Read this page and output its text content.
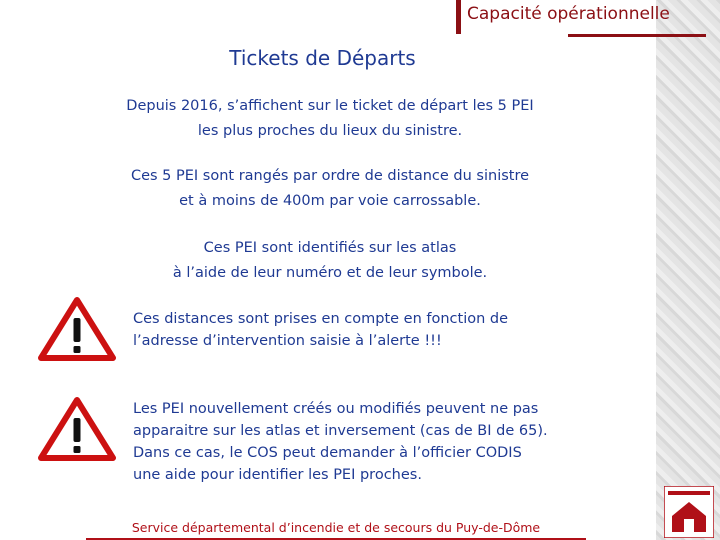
Capacité opérationnelle
Tickets de Départs
Depuis 2016, s’affichent sur le ticket de départ les 5 PEI
les plus proches du lieux du sinistre.
Ces 5 PEI sont rangés par ordre de distance du sinistre
et à moins de 400m par voie carrossable.
Ces PEI sont identifiés sur les atlas
à l’aide de leur numéro et de leur symbole.
Ces distances sont prises en compte en fonction de
l’adresse d’intervention saisie à l’alerte !!!
Les PEI nouvellement créés ou modifiés peuvent ne pas
apparaitre sur les atlas et inversement (cas de BI de 65).
Dans ce cas, le COS peut demander à l’officier CODIS
une aide pour identifier les PEI proches.
Service départemental d’incendie et de secours du Puy-de-Dôme
